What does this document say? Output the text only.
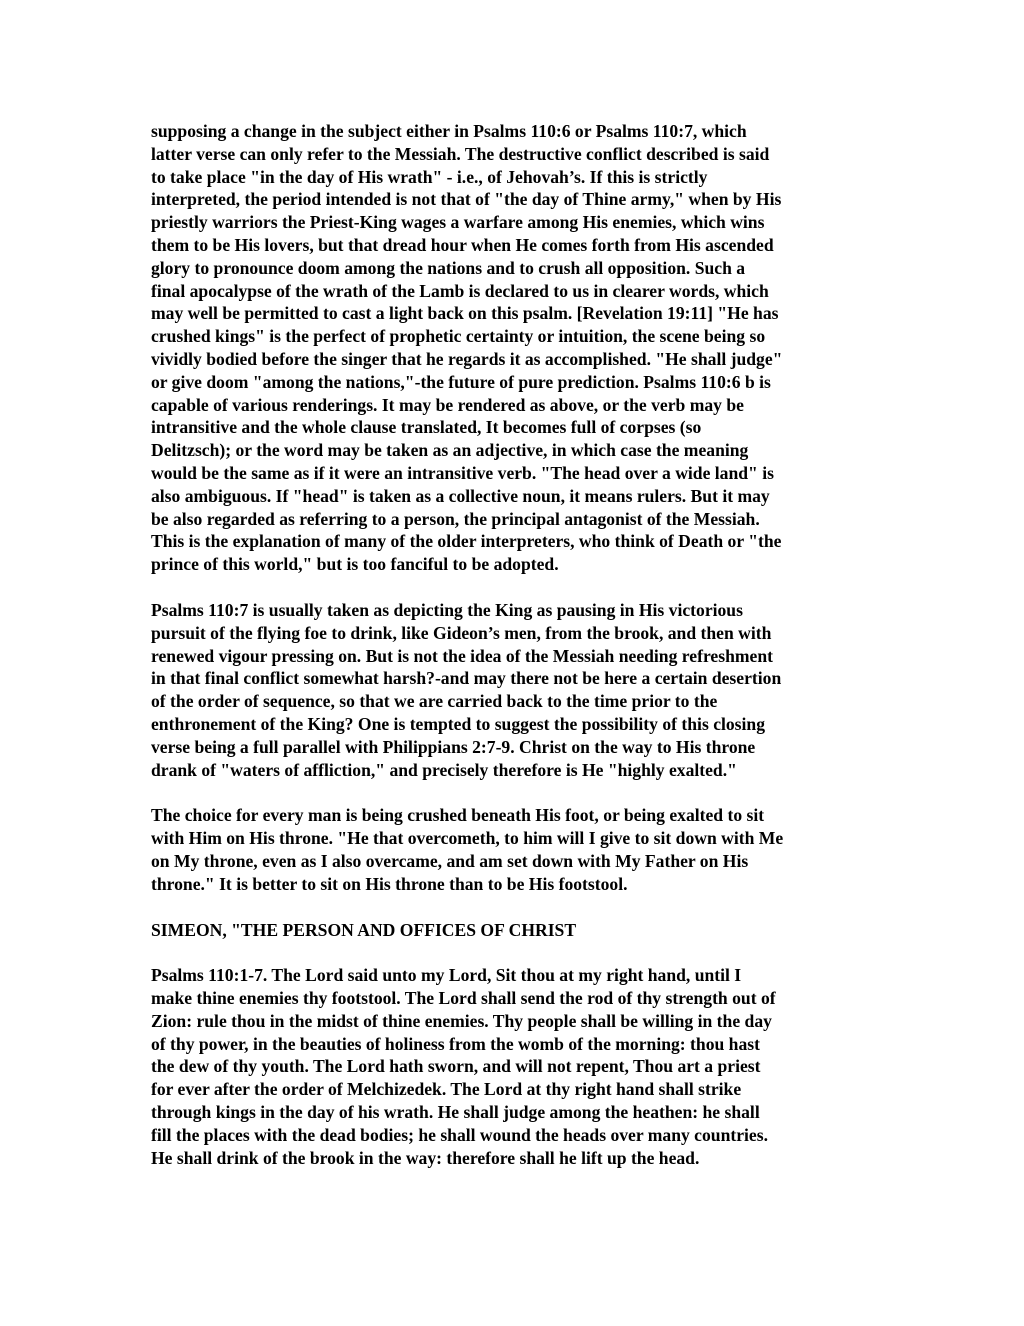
supposing a change in the subject either in Psalms 110:6 or Psalms 110:7, which
latter verse can only refer to the Messiah. The destructive conflict described is said
to take place "in the day of His wrath" - i.e., of Jehovah’s. If this is strictly
interpreted, the period intended is not that of "the day of Thine army," when by His
priestly warriors the Priest-King wages a warfare among His enemies, which wins
them to be His lovers, but that dread hour when He comes forth from His ascended
glory to pronounce doom among the nations and to crush all opposition. Such a
final apocalypse of the wrath of the Lamb is declared to us in clearer words, which
may well be permitted to cast a light back on this psalm. [Revelation 19:11] "He has
crushed kings" is the perfect of prophetic certainty or intuition, the scene being so
vividly bodied before the singer that he regards it as accomplished. "He shall judge"
or give doom "among the nations,"-the future of pure prediction. Psalms 110:6 b is
capable of various renderings. It may be rendered as above, or the verb may be
intransitive and the whole clause translated, It becomes full of corpses (so
Delitzsch); or the word may be taken as an adjective, in which case the meaning
would be the same as if it were an intransitive verb. "The head over a wide land" is
also ambiguous. If "head" is taken as a collective noun, it means rulers. But it may
be also regarded as referring to a person, the principal antagonist of the Messiah.
This is the explanation of many of the older interpreters, who think of Death or "the
prince of this world," but is too fanciful to be adopted.
Psalms 110:7 is usually taken as depicting the King as pausing in His victorious
pursuit of the flying foe to drink, like Gideon’s men, from the brook, and then with
renewed vigour pressing on. But is not the idea of the Messiah needing refreshment
in that final conflict somewhat harsh?-and may there not be here a certain desertion
of the order of sequence, so that we are carried back to the time prior to the
enthronement of the King? One is tempted to suggest the possibility of this closing
verse being a full parallel with Philippians 2:7-9. Christ on the way to His throne
drank of "waters of affliction," and precisely therefore is He "highly exalted."
The choice for every man is being crushed beneath His foot, or being exalted to sit
with Him on His throne. "He that overcometh, to him will I give to sit down with Me
on My throne, even as I also overcame, and am set down with My Father on His
throne." It is better to sit on His throne than to be His footstool.
SIMEON, "THE PERSON AND OFFICES OF CHRIST
Psalms 110:1-7. The Lord said unto my Lord, Sit thou at my right hand, until I
make thine enemies thy footstool. The Lord shall send the rod of thy strength out of
Zion: rule thou in the midst of thine enemies. Thy people shall be willing in the day
of thy power, in the beauties of holiness from the womb of the morning: thou hast
the dew of thy youth. The Lord hath sworn, and will not repent, Thou art a priest
for ever after the order of Melchizedek. The Lord at thy right hand shall strike
through kings in the day of his wrath. He shall judge among the heathen: he shall
fill the places with the dead bodies; he shall wound the heads over many countries.
He shall drink of the brook in the way: therefore shall he lift up the head.
